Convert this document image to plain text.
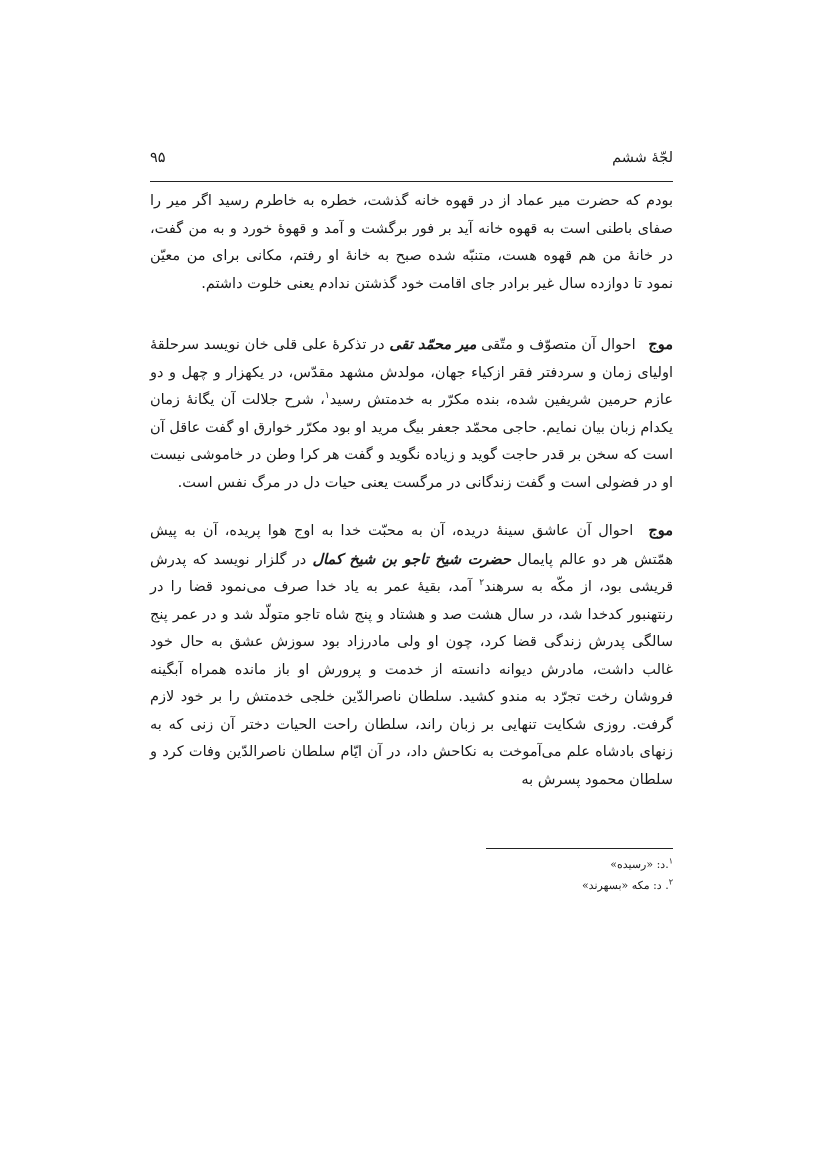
لجّهٔ ششم
۹۵

بودم که حضرت میر عماد از در قهوه خانه گذشت، خطره به خاطرم رسید اگر میر را صفای باطنی است به قهوه خانه آید بر فور برگشت و آمد و قهوهٔ خورد و به من گفت، در خانهٔ من هم قهوه هست، متنبّه شده صبح به خانهٔ او رفتم، مکانی برای من معیّن نمود تا دوازده سال غیر برادر جای اقامت خود گذشتن ندادم یعنی خلوت داشتم.

موج احوال آن متصوّف و متّقی میر محمّد تقی در تذکرهٔ علی قلی خان نویسد سرحلقهٔ اولیای زمان و سردفتر فقر ازکیاء جهان، مولدش مشهد مقدّس، در یکهزار و چهل و دو عازم حرمین شریفین شده، بنده مکرّر به خدمتش رسید$^۱$، شرح جلالت آن یگانهٔ زمان یکدام زبان بیان نمایم. حاجی محمّد جعفر بیگ مرید او بود مکرّر خوارق او گفت عاقل آن است که سخن بر قدر حاجت گوید و زیاده نگوید و گفت هر کرا وطن در خاموشی نیست او در فضولی است و گفت زندگانی در مرگست یعنی حیات دل در مرگ نفس است.

موج احوال آن عاشق سینهٔ دریده، آن به محبّت خدا به اوج هوا پریده، آن به پیش همّتش هر دو عالم پایمال حضرت شیخ تاجو بن شیخ کمال در گلزار نویسد که پدرش قریشی بود، از مکّه به سرهند$^۲$ آمد، بقیهٔ عمر به یاد خدا صرف می‌نمود قضا را در رنتهنبور کدخدا شد، در سال هشت صد و هشتاد و پنج شاه تاجو متولّد شد و در عمر پنج سالگی پدرش زندگی قضا کرد، چون او ولی مادرزاد بود سوزش عشق به حال خود غالب داشت، مادرش دیوانه دانسته از خدمت و پرورش او باز مانده همراه آبگینه فروشان رخت تجرّد به مندو کشید. سلطان ناصرالدّین خلجی خدمتش را بر خود لازم گرفت. روزی شکایت تنهایی بر زبان راند، سلطان راحت الحیات دختر آن زنی که به زنهای بادشاه علم می‌آموخت به نکاحش داد، در آن ایّام سلطان ناصرالدّین وفات کرد و سلطان محمود پسرش به

$^۱$.د: «رسیده»

$^۲$. د: مکه «بسهرند»
